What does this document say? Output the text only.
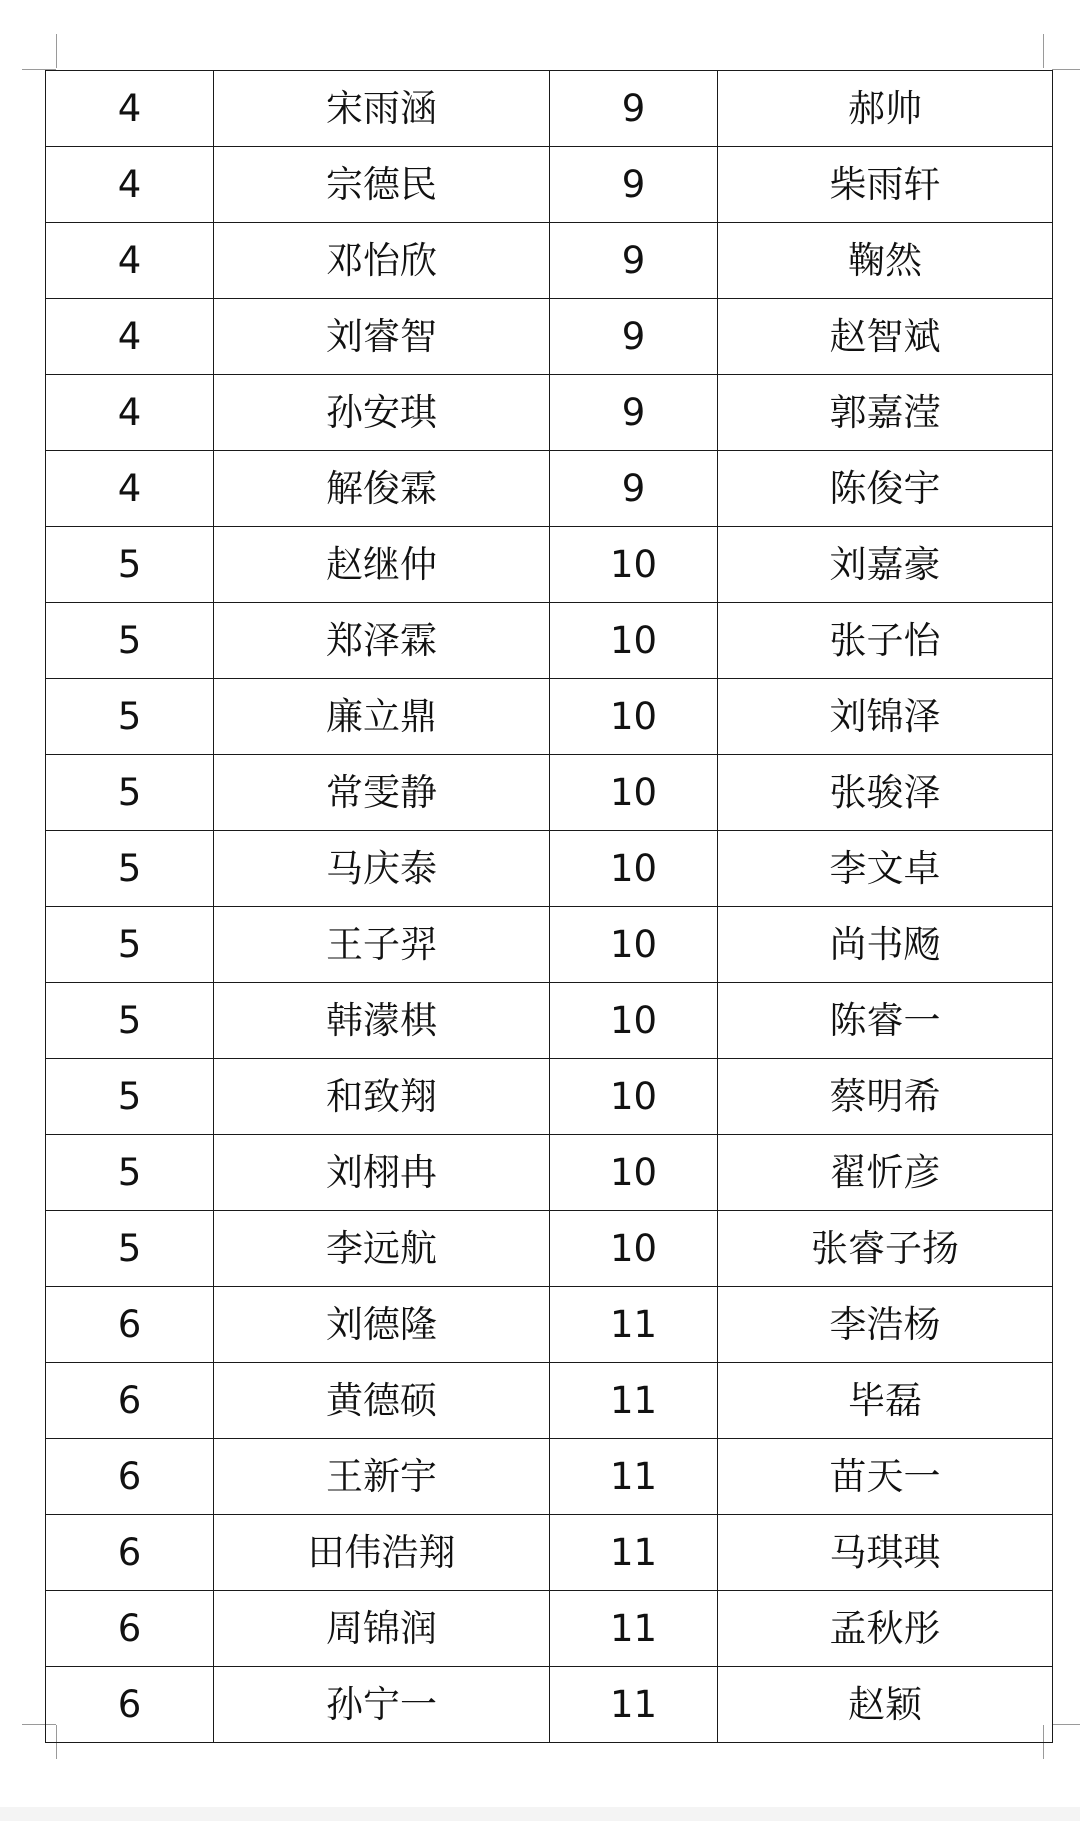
4	宋雨涵	9	郝帅
4	宗德民	9	柴雨轩
4	邓怡欣	9	鞠然
4	刘睿智	9	赵智斌
4	孙安琪	9	郭嘉滢
4	解俊霖	9	陈俊宇
5	赵继仲	10	刘嘉豪
5	郑泽霖	10	张子怡
5	廉立鼎	10	刘锦泽
5	常雯静	10	张骏泽
5	马庆泰	10	李文卓
5	王子羿	10	尚书飏
5	韩濛棋	10	陈睿一
5	和致翔	10	蔡明希
5	刘栩冉	10	翟忻彦
5	李远航	10	张睿子扬
6	刘德隆	11	李浩杨
6	黄德硕	11	毕磊
6	王新宇	11	苗天一
6	田伟浩翔	11	马琪琪
6	周锦润	11	孟秋彤
6	孙宁一	11	赵颖
